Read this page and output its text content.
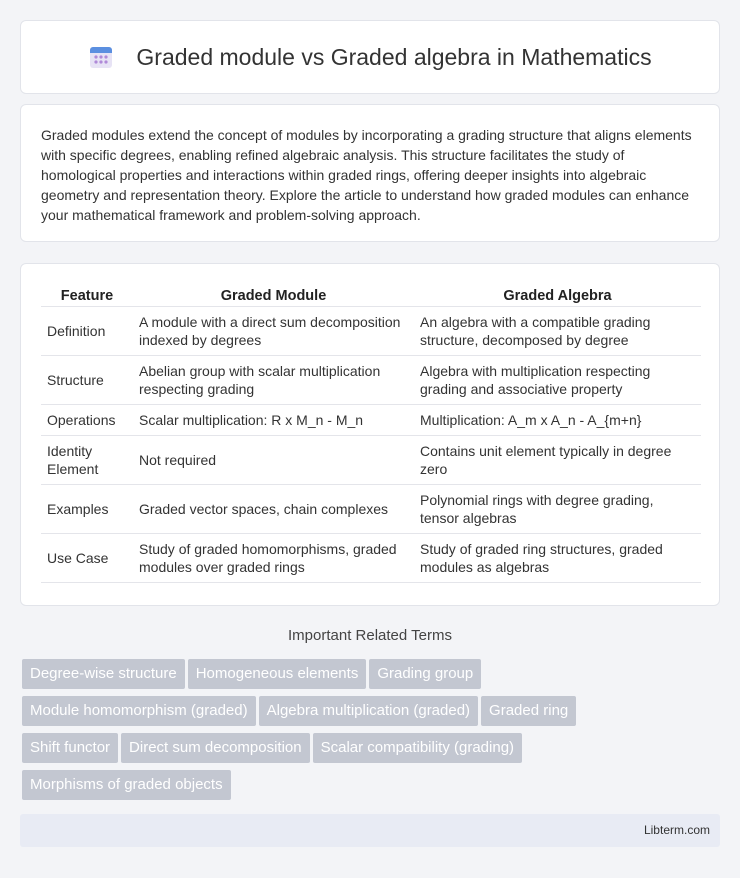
Graded module vs Graded algebra in Mathematics

Graded modules extend the concept of modules by incorporating a grading structure that aligns elements with specific degrees, enabling refined algebraic analysis. This structure facilitates the study of homological properties and interactions within graded rings, offering deeper insights into algebraic geometry and representation theory. Explore the article to understand how graded modules can enhance your mathematical framework and problem-solving approach.

Feature	Graded Module	Graded Algebra
Definition	A module with a direct sum decomposition indexed by degrees	An algebra with a compatible grading structure, decomposed by degree
Structure	Abelian group with scalar multiplication respecting grading	Algebra with multiplication respecting grading and associative property
Operations	Scalar multiplication: R x M_n - M_n	Multiplication: A_m x A_n - A_{m+n}
Identity Element	Not required	Contains unit element typically in degree zero
Examples	Graded vector spaces, chain complexes	Polynomial rings with degree grading, tensor algebras
Use Case	Study of graded homomorphisms, graded modules over graded rings	Study of graded ring structures, graded modules as algebras
Important Related Terms
Degree-wise structure Homogeneous elements Grading group
Module homomorphism (graded) Algebra multiplication (graded) Graded ring
Shift functor Direct sum decomposition Scalar compatibility (grading)
Morphisms of graded objects
Libterm.com
